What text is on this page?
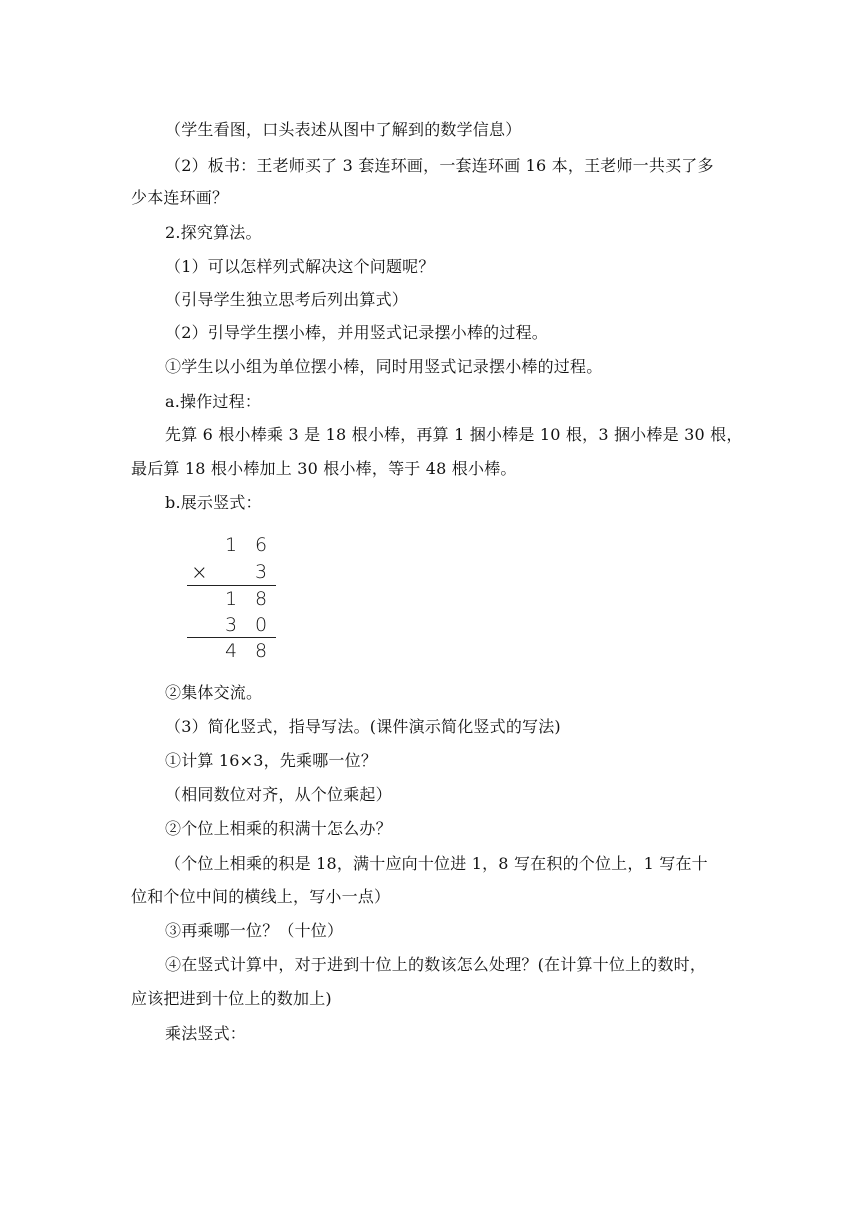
（学生看图，口头表述从图中了解到的数学信息）
（2）板书：王老师买了 3 套连环画，一套连环画 16 本，王老师一共买了多
少本连环画？
2.探究算法。
（1）可以怎样列式解决这个问题呢？
（引导学生独立思考后列出算式）
（2）引导学生摆小棒，并用竖式记录摆小棒的过程。
①学生以小组为单位摆小棒，同时用竖式记录摆小棒的过程。
a.操作过程：
先算 6 根小棒乘 3 是 18 根小棒，再算 1 捆小棒是 10 根，3 捆小棒是 30 根，
最后算 18 根小棒加上 30 根小棒，等于 48 根小棒。
b.展示竖式：
1 6
× 3
1 8
3 0
4 8
②集体交流。
（3）简化竖式，指导写法。(课件演示简化竖式的写法)
①计算 16×3，先乘哪一位？
（相同数位对齐，从个位乘起）
②个位上相乘的积满十怎么办？
（个位上相乘的积是 18，满十应向十位进 1，8 写在积的个位上，1 写在十
位和个位中间的横线上，写小一点）
③再乘哪一位？（十位）
④在竖式计算中，对于进到十位上的数该怎么处理？(在计算十位上的数时，
应该把进到十位上的数加上)
乘法竖式：
